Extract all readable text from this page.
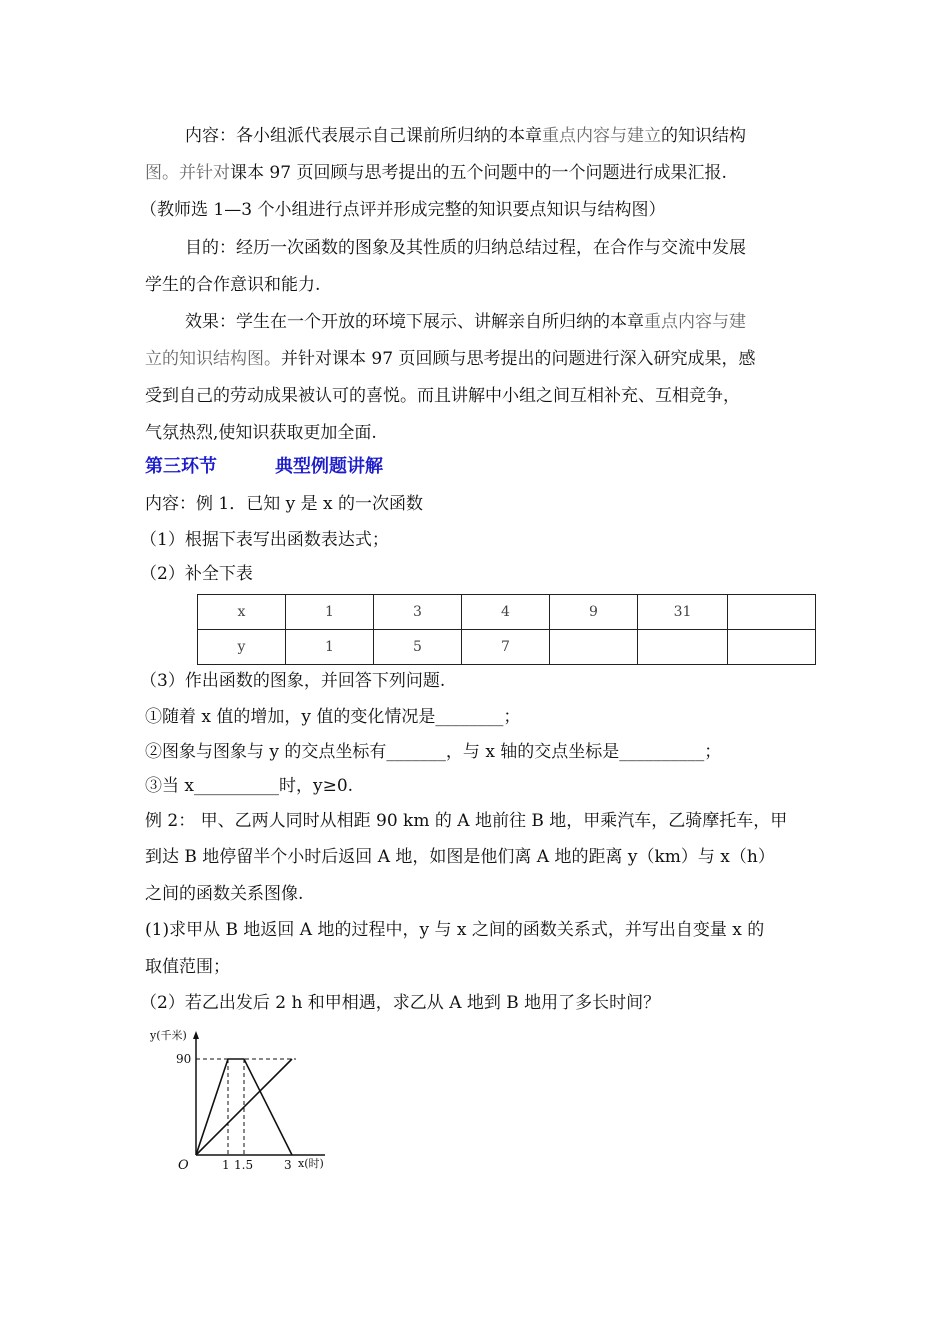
内容：各小组派代表展示自己课前所归纳的本章重点内容与建立的知识结构
图。并针对课本 97 页回顾与思考提出的五个问题中的一个问题进行成果汇报.
（教师选 1—3 个小组进行点评并形成完整的知识要点知识与结构图）
目的：经历一次函数的图象及其性质的归纳总结过程，在合作与交流中发展
学生的合作意识和能力.
效果：学生在一个开放的环境下展示、讲解亲自所归纳的本章重点内容与建
立的知识结构图。并针对课本 97 页回顾与思考提出的问题进行深入研究成果，感
受到自己的劳动成果被认可的喜悦。而且讲解中小组之间互相补充、互相竞争，
气氛热烈,使知识获取更加全面.
第三环节	典型例题讲解
内容：例 1．已知 y 是 x 的一次函数
（1）根据下表写出函数表达式；
（2）补全下表
x	1	3	4	9	31	
y	1	5	7			
（3）作出函数的图象，并回答下列问题.
①随着 x 值的增加，y 值的变化情况是________；
②图象与图象与 y 的交点坐标有_______，与 x 轴的交点坐标是__________；
③当 x__________时，y≥0.
例 2： 甲、乙两人同时从相距 90 km 的 A 地前往 B 地，甲乘汽车，乙骑摩托车，甲
到达 B 地停留半个小时后返回 A 地，如图是他们离 A 地的距离 y（km）与 x（h）
之间的函数关系图像.
(1)求甲从 B 地返回 A 地的过程中，y 与 x 之间的函数关系式，并写出自变量 x 的
取值范围；
（2）若乙出发后 2 h 和甲相遇，求乙从 A 地到 B 地用了多长时间？
y(千米)
90
O	1 1.5	3 x(时)
